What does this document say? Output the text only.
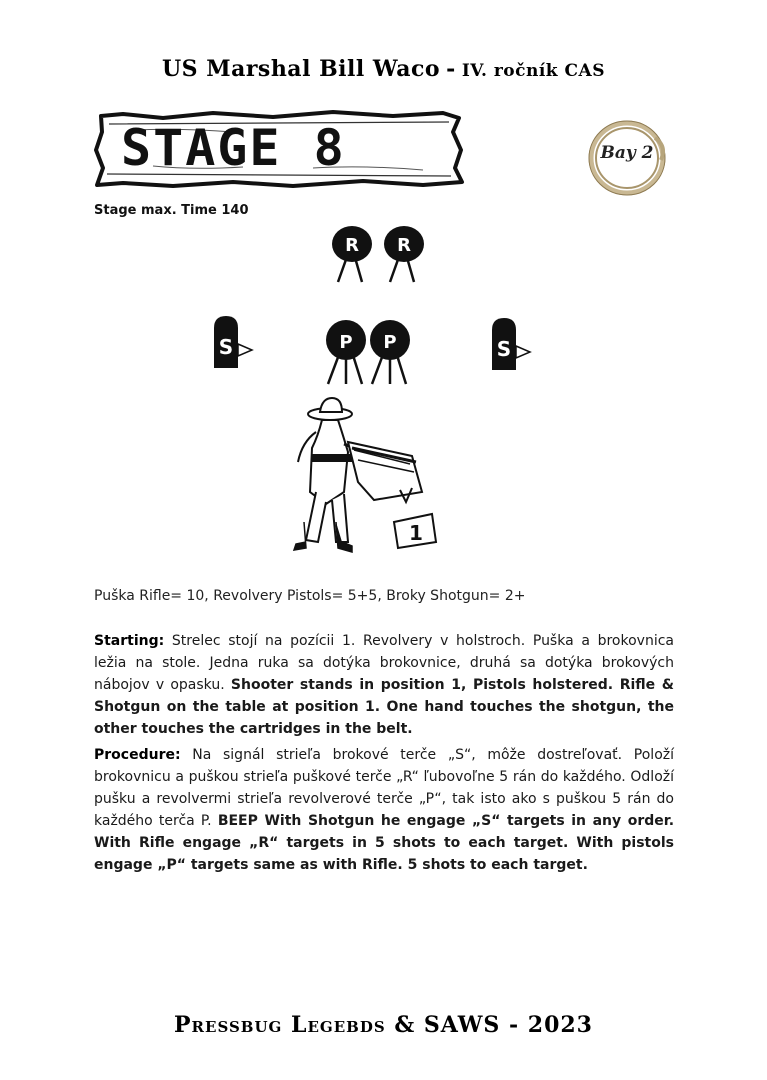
US Marshal Bill Waco - IV. ročník CAS
STAGE 8	Bay 2
Stage max. Time 140
R R
P P
S	S
1
Puška Rifle= 10, Revolvery Pistols= 5+5, Broky Shotgun= 2+
Starting: Strelec stojí na pozícii 1. Revolvery v holstroch. Puška a brokovnica ležia na stole. Jedna ruka sa dotýka brokovnice, druhá sa dotýka brokových nábojov v opasku. Shooter stands in position 1, Pistols holstered. Rifle & Shotgun on the table at position 1. One hand touches the shotgun, the other touches the cartridges in the belt.
Procedure: Na signál strieľa brokové terče „S“, môže dostreľovať. Položí brokovnicu a puškou strieľa puškové terče „R“ ľubovoľne 5 rán do každého. Odloží pušku a revolvermi strieľa revolverové terče „P“, tak isto ako s puškou 5 rán do každého terča P. BEEP With Shotgun he engage „S“ targets in any order. With Rifle engage „R“ targets in 5 shots to each target. With pistols engage „P“ targets same as with Rifle. 5 shots to each target.
Pressbug Legebds & SAWS - 2023
